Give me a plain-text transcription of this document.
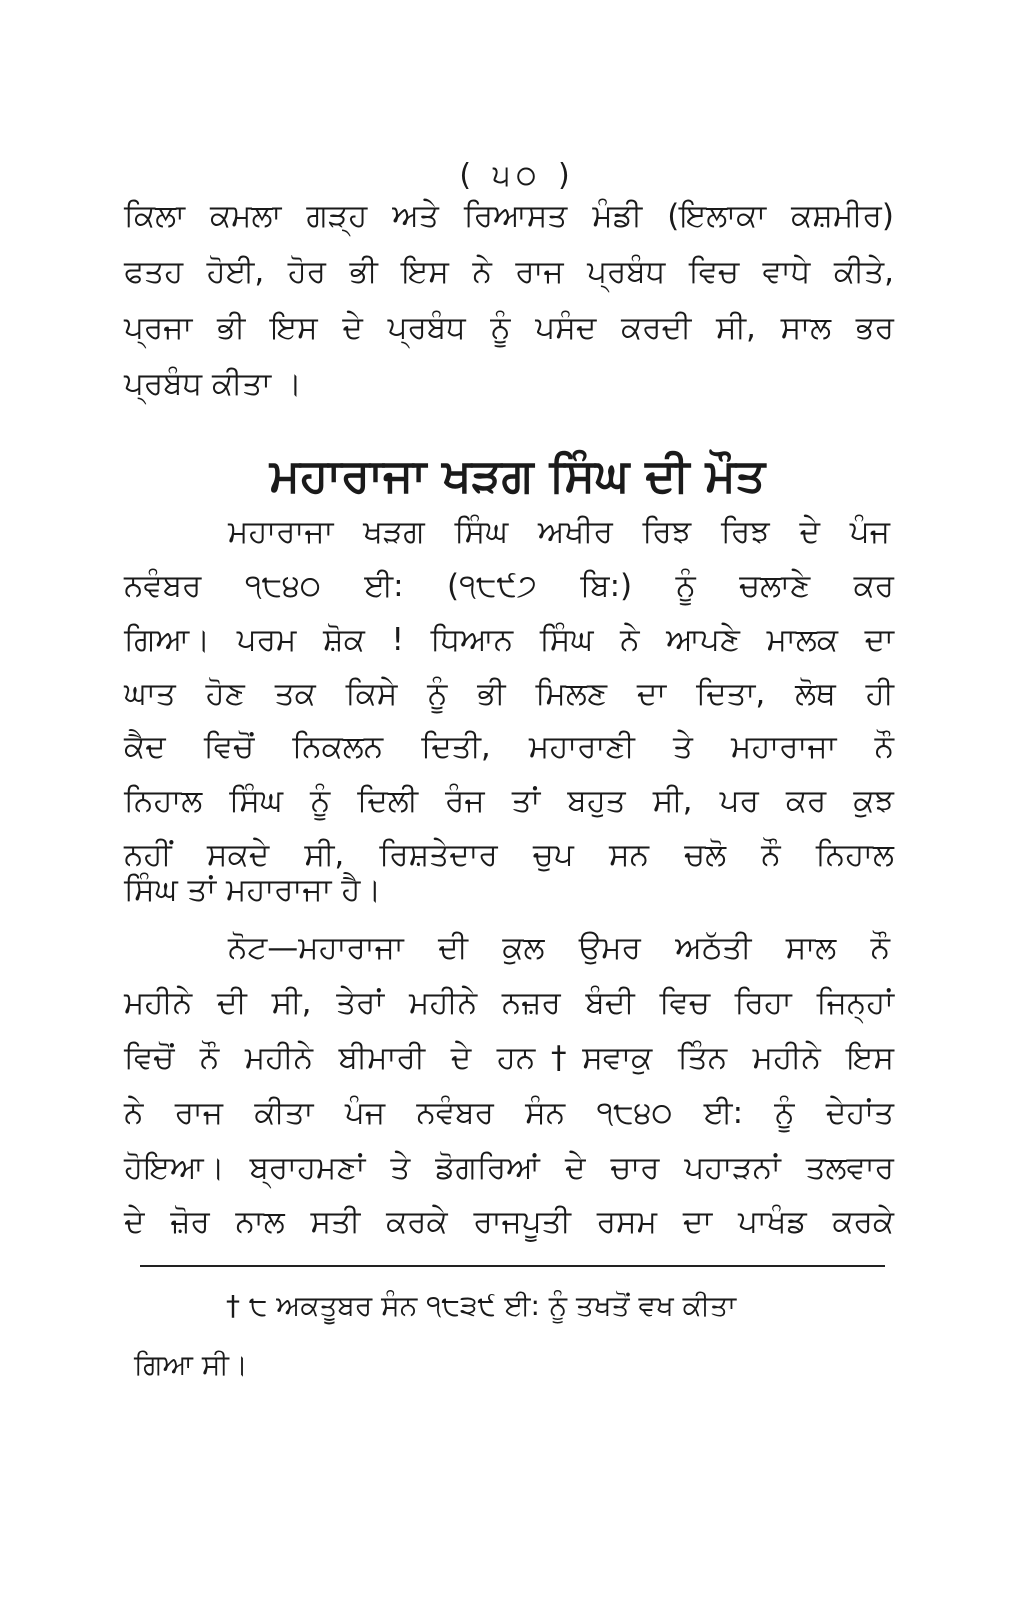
( ੫੦ )
ਕਿਲਾ ਕਮਲਾ ਗੜ੍ਹ ਅਤੇ ਰਿਆਸਤ ਮੰਡੀ (ਇਲਾਕਾ ਕਸ਼ਮੀਰ)
ਫਤਹ ਹੋਈ, ਹੋਰ ਭੀ ਇਸ ਨੇ ਰਾਜ ਪ੍ਰਬੰਧ ਵਿਚ ਵਾਧੇ ਕੀਤੇ,
ਪ੍ਰਜਾ ਭੀ ਇਸ ਦੇ ਪ੍ਰਬੰਧ ਨੂੰ ਪਸੰਦ ਕਰਦੀ ਸੀ, ਸਾਲ ਭਰ
ਪ੍ਰਬੰਧ ਕੀਤਾ ।
ਮਹਾਰਾਜਾ ਖੜਗ ਸਿੰਘ ਦੀ ਮੌਤ
ਮਹਾਰਾਜਾ ਖੜਗ ਸਿੰਘ ਅਖੀਰ ਰਿਝ ਰਿਝ ਦੇ ਪੰਜ
ਨਵੰਬਰ ੧੮੪੦ ਈ: (੧੮੯੭ ਬਿ:) ਨੂੰ ਚਲਾਣੇ ਕਰ
ਗਿਆ। ਪਰਮ ਸ਼ੋਕ ! ਧਿਆਨ ਸਿੰਘ ਨੇ ਆਪਣੇ ਮਾਲਕ ਦਾ
ਘਾਤ ਹੋਣ ਤਕ ਕਿਸੇ ਨੂੰ ਭੀ ਮਿਲਣ ਦਾ ਦਿਤਾ, ਲੋਥ ਹੀ
ਕੈਦ ਵਿਚੋਂ ਨਿਕਲਨ ਦਿਤੀ, ਮਹਾਰਾਣੀ ਤੇ ਮਹਾਰਾਜਾ ਨੌ
ਨਿਹਾਲ ਸਿੰਘ ਨੂੰ ਦਿਲੀ ਰੰਜ ਤਾਂ ਬਹੁਤ ਸੀ, ਪਰ ਕਰ ਕੁਝ
ਨਹੀਂ ਸਕਦੇ ਸੀ, ਰਿਸ਼ਤੇਦਾਰ ਚੁਪ ਸਨ ਚਲੋ ਨੌ ਨਿਹਾਲ
ਸਿੰਘ ਤਾਂ ਮਹਾਰਾਜਾ ਹੈ।
ਨੋਟ—ਮਹਾਰਾਜਾ ਦੀ ਕੁਲ ਉਮਰ ਅਠੱਤੀ ਸਾਲ ਨੌ
ਮਹੀਨੇ ਦੀ ਸੀ, ਤੇਰਾਂ ਮਹੀਨੇ ਨਜ਼ਰ ਬੰਦੀ ਵਿਚ ਰਿਹਾ ਜਿਨ੍ਹਾਂ
ਵਿਚੋਂ ਨੌ ਮਹੀਨੇ ਬੀਮਾਰੀ ਦੇ ਹਨ†ਸਵਾਕੁ ਤਿੰਨ ਮਹੀਨੇ ਇਸ
ਨੇ ਰਾਜ ਕੀਤਾ ਪੰਜ ਨਵੰਬਰ ਸੰਨ ੧੮੪੦ ਈ: ਨੂੰ ਦੇਹਾਂਤ
ਹੋਇਆ। ਬ੍ਰਾਹਮਣਾਂ ਤੇ ਡੋਗਰਿਆਂ ਦੇ ਚਾਰ ਪਹਾੜਨਾਂ ਤਲਵਾਰ
ਦੇ ਜ਼ੋਰ ਨਾਲ ਸਤੀ ਕਰਕੇ ਰਾਜਪੂਤੀ ਰਸਮ ਦਾ ਪਾਖੰਡ ਕਰਕੇ
† ੮ ਅਕਤੂਬਰ ਸੰਨ ੧੮੩੯ ਈ: ਨੂੰ ਤਖਤੋਂ ਵਖ ਕੀਤਾ
ਗਿਆ ਸੀ।
